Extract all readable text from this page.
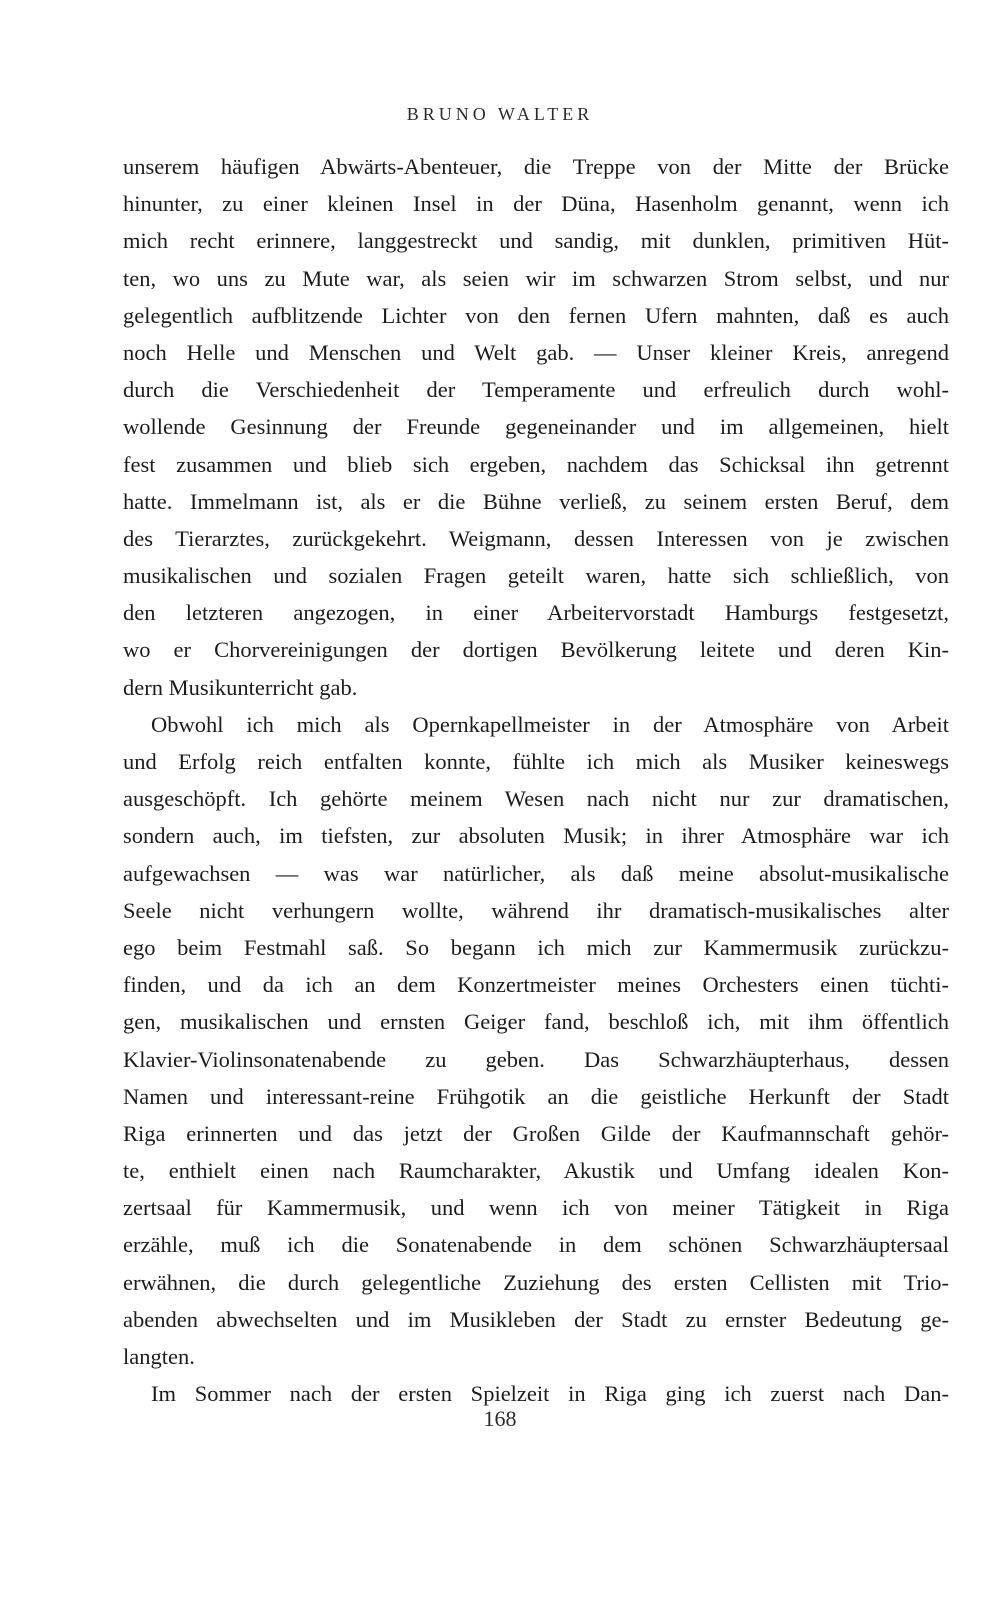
BRUNO WALTER
unserem häufigen Abwärts-Abenteuer, die Treppe von der Mitte der Brücke
hinunter, zu einer kleinen Insel in der Düna, Hasenholm genannt, wenn ich
mich recht erinnere, langgestreckt und sandig, mit dunklen, primitiven Hüt-
ten, wo uns zu Mute war, als seien wir im schwarzen Strom selbst, und nur
gelegentlich aufblitzende Lichter von den fernen Ufern mahnten, daß es auch
noch Helle und Menschen und Welt gab. — Unser kleiner Kreis, anregend
durch die Verschiedenheit der Temperamente und erfreulich durch wohl-
wollende Gesinnung der Freunde gegeneinander und im allgemeinen, hielt
fest zusammen und blieb sich ergeben, nachdem das Schicksal ihn getrennt
hatte. Immelmann ist, als er die Bühne verließ, zu seinem ersten Beruf, dem
des Tierarztes, zurückgekehrt. Weigmann, dessen Interessen von je zwischen
musikalischen und sozialen Fragen geteilt waren, hatte sich schließlich, von
den letzteren angezogen, in einer Arbeitervorstadt Hamburgs festgesetzt,
wo er Chorvereinigungen der dortigen Bevölkerung leitete und deren Kin-
dern Musikunterricht gab.
Obwohl ich mich als Opernkapellmeister in der Atmosphäre von Arbeit
und Erfolg reich entfalten konnte, fühlte ich mich als Musiker keineswegs
ausgeschöpft. Ich gehörte meinem Wesen nach nicht nur zur dramatischen,
sondern auch, im tiefsten, zur absoluten Musik; in ihrer Atmosphäre war ich
aufgewachsen — was war natürlicher, als daß meine absolut-musikalische
Seele nicht verhungern wollte, während ihr dramatisch-musikalisches alter
ego beim Festmahl saß. So begann ich mich zur Kammermusik zurückzu-
finden, und da ich an dem Konzertmeister meines Orchesters einen tüchti-
gen, musikalischen und ernsten Geiger fand, beschloß ich, mit ihm öffentlich
Klavier-Violinsonatenabende zu geben. Das Schwarzhäupterhaus, dessen
Namen und interessant-reine Frühgotik an die geistliche Herkunft der Stadt
Riga erinnerten und das jetzt der Großen Gilde der Kaufmannschaft gehör-
te, enthielt einen nach Raumcharakter, Akustik und Umfang idealen Kon-
zertsaal für Kammermusik, und wenn ich von meiner Tätigkeit in Riga
erzähle, muß ich die Sonatenabende in dem schönen Schwarzhäuptersaal
erwähnen, die durch gelegentliche Zuziehung des ersten Cellisten mit Trio-
abenden abwechselten und im Musikleben der Stadt zu ernster Bedeutung ge-
langten.
Im Sommer nach der ersten Spielzeit in Riga ging ich zuerst nach Dan-
168
